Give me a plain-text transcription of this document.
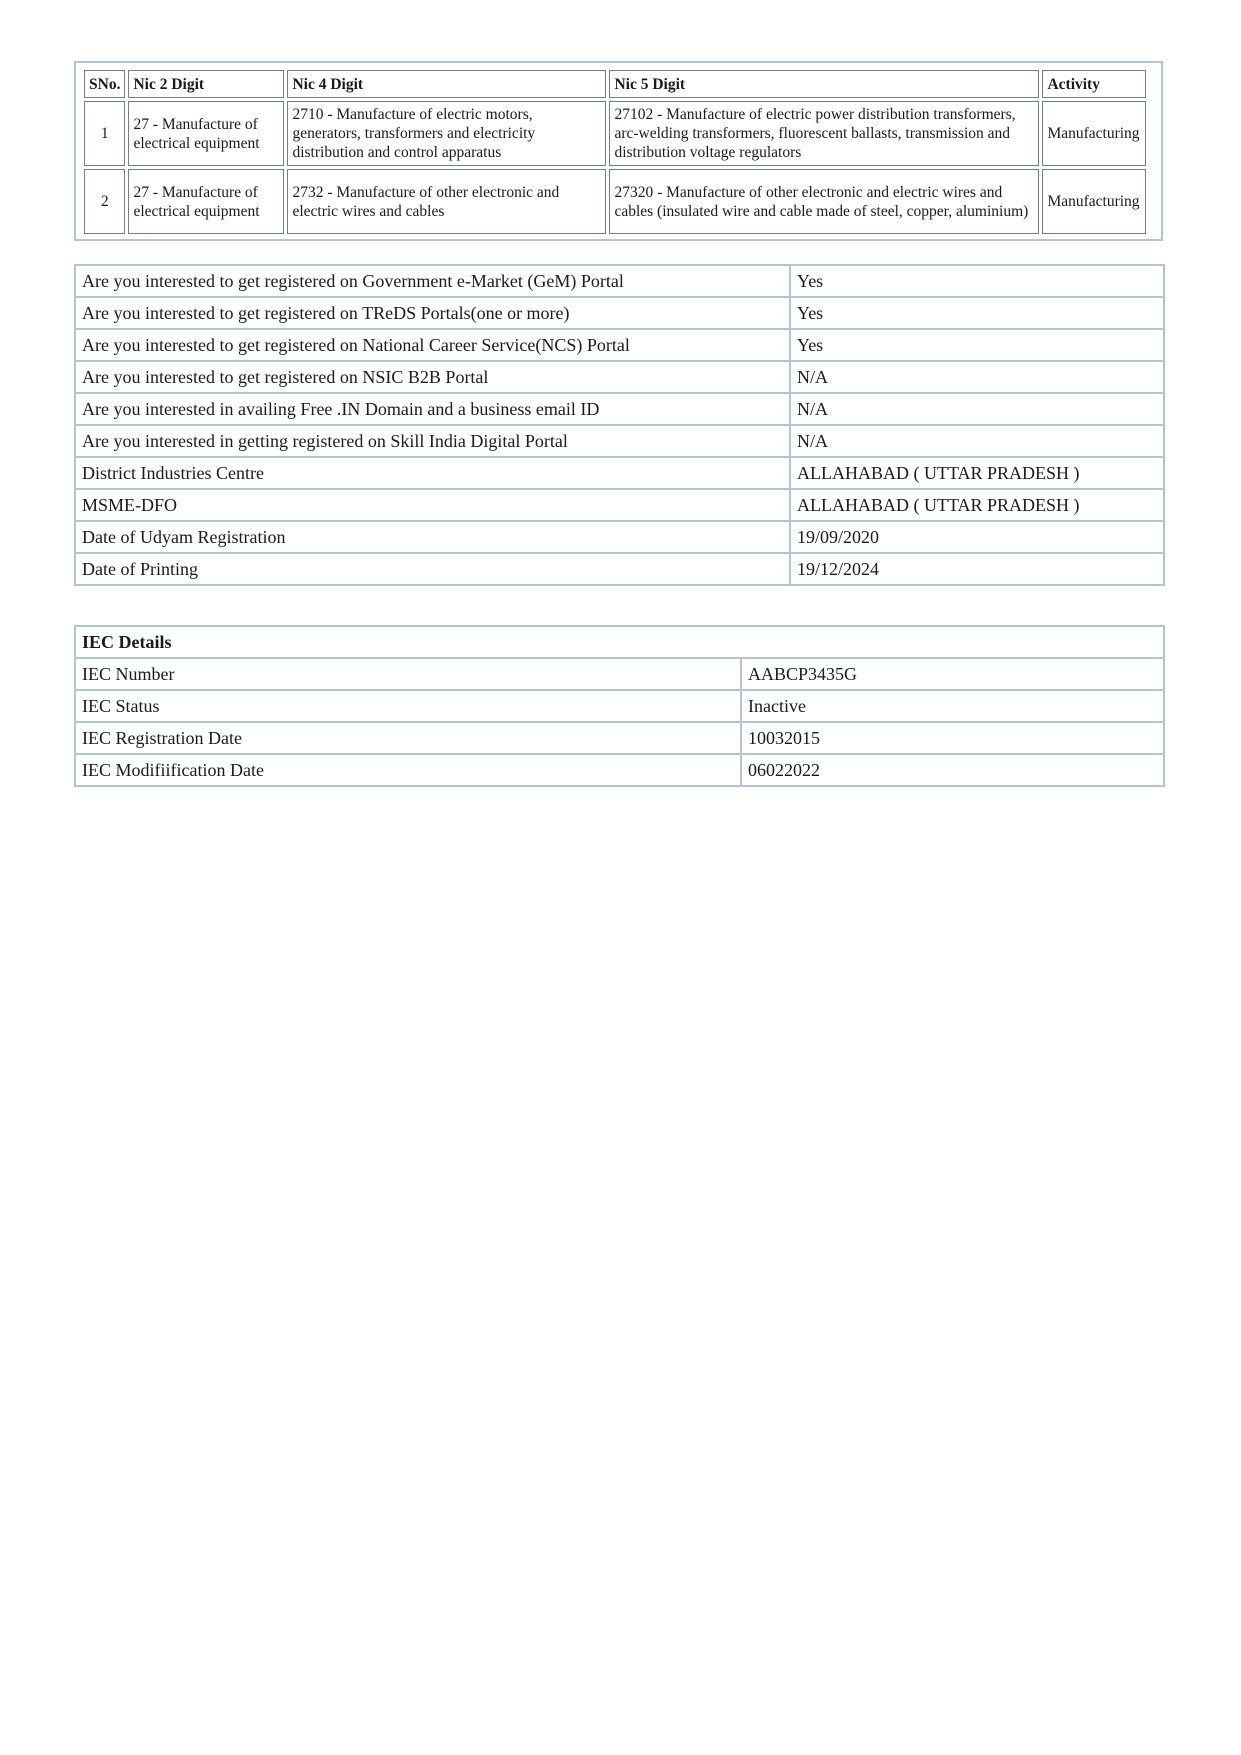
SNo.	Nic 2 Digit	Nic 4 Digit	Nic 5 Digit	Activity
1	27 - Manufacture of electrical equipment	2710 - Manufacture of electric motors, generators, transformers and electricity distribution and control apparatus	27102 - Manufacture of electric power distribution transformers, arc-welding transformers, fluorescent ballasts, transmission and distribution voltage regulators	Manufacturing
2	27 - Manufacture of electrical equipment	2732 - Manufacture of other electronic and electric wires and cables	27320 - Manufacture of other electronic and electric wires and cables (insulated wire and cable made of steel, copper, aluminium)	Manufacturing
Are you interested to get registered on Government e-Market (GeM) Portal	Yes
Are you interested to get registered on TReDS Portals(one or more)	Yes
Are you interested to get registered on National Career Service(NCS) Portal	Yes
Are you interested to get registered on NSIC B2B Portal	N/A
Are you interested in availing Free .IN Domain and a business email ID	N/A
Are you interested in getting registered on Skill India Digital Portal	N/A
District Industries Centre	ALLAHABAD ( UTTAR PRADESH )
MSME-DFO	ALLAHABAD ( UTTAR PRADESH )
Date of Udyam Registration	19/09/2020
Date of Printing	19/12/2024
IEC Details	
IEC Number	AABCP3435G
IEC Status	Inactive
IEC Registration Date	10032015
IEC Modifiification Date	06022022
